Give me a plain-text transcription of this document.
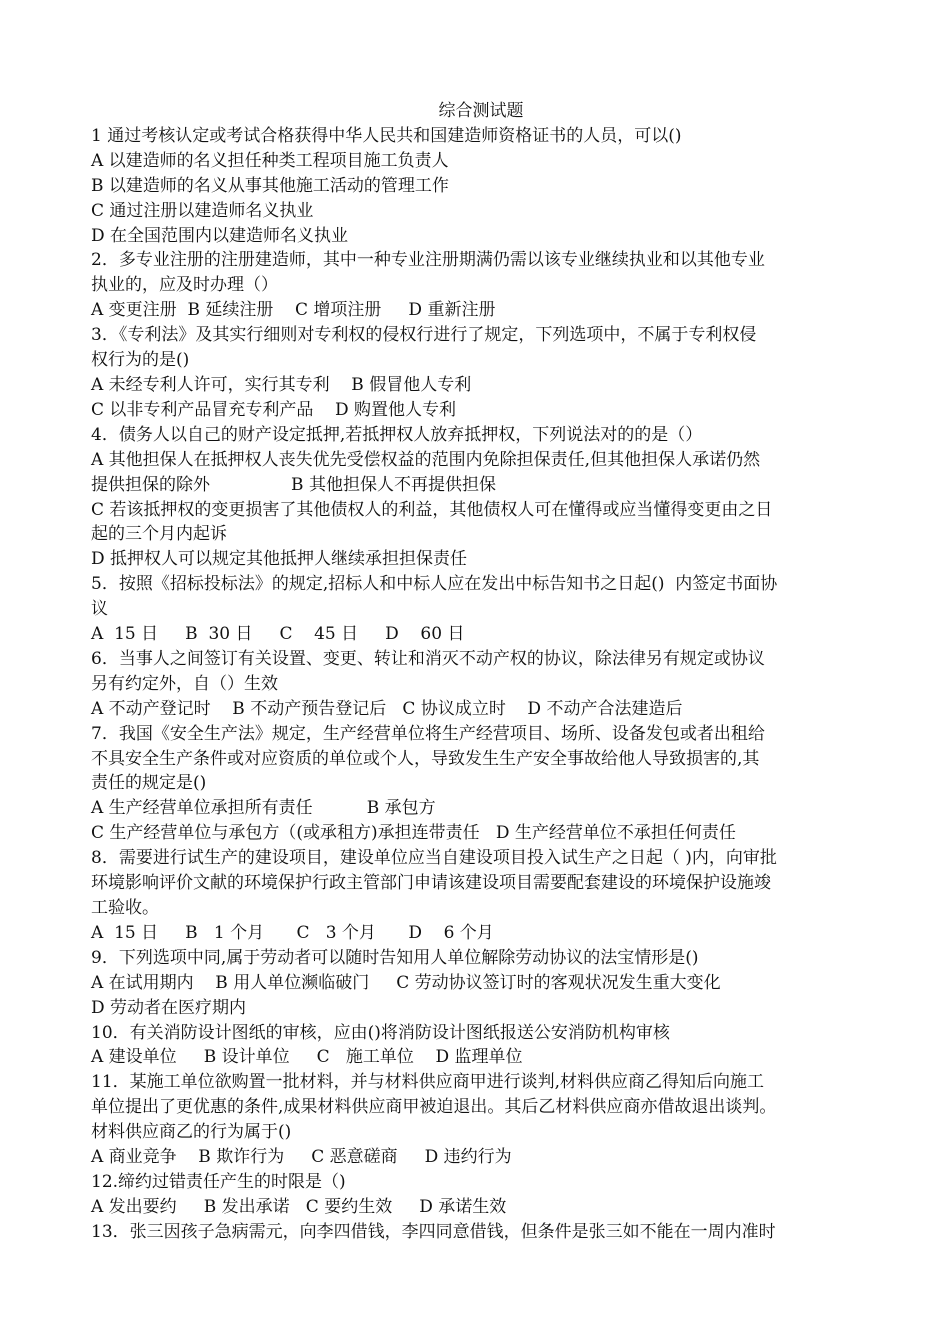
综合测试题
1 通过考核认定或考试合格获得中华人民共和国建造师资格证书的人员，可以()
A 以建造师的名义担任种类工程项目施工负责人
B 以建造师的名义从事其他施工活动的管理工作
C 通过注册以建造师名义执业
D 在全国范围内以建造师名义执业
2．多专业注册的注册建造师，其中一种专业注册期满仍需以该专业继续执业和以其他专业
执业的，应及时办理（）
A 变更注册  B 延续注册    C 增项注册     D 重新注册
3．《专利法》及其实行细则对专利权的侵权行进行了规定，下列选项中，不属于专利权侵
权行为的是()
A 未经专利人许可，实行其专利    B 假冒他人专利
C 以非专利产品冒充专利产品    D 购置他人专利
4．债务人以自己的财产设定抵押,若抵押权人放弃抵押权，下列说法对的的是（）
A 其他担保人在抵押权人丧失优先受偿权益的范围内免除担保责任,但其他担保人承诺仍然
提供担保的除外               B 其他担保人不再提供担保
C 若该抵押权的变更损害了其他债权人的利益，其他债权人可在懂得或应当懂得变更由之日
起的三个月内起诉
D 抵押权人可以规定其他抵押人继续承担担保责任
5．按照《招标投标法》的规定,招标人和中标人应在发出中标告知书之日起()  内签定书面协
议
A  15 日     B  30 日     C    45 日     D    60 日
6．当事人之间签订有关设置、变更、转让和消灭不动产权的协议，除法律另有规定或协议
另有约定外，自（）生效
A 不动产登记时    B 不动产预告登记后   C 协议成立时    D 不动产合法建造后
7．我国《安全生产法》规定，生产经营单位将生产经营项目、场所、设备发包或者出租给
不具安全生产条件或对应资质的单位或个人，导致发生生产安全事故给他人导致损害的,其
责任的规定是()
A 生产经营单位承担所有责任          B 承包方
C 生产经营单位与承包方（(或承租方)承担连带责任   D 生产经营单位不承担任何责任
8．需要进行试生产的建设项目，建设单位应当自建设项目投入试生产之日起（ )内，向审批
环境影响评价文献的环境保护行政主管部门申请该建设项目需要配套建设的环境保护设施竣
工验收。
A  15 日     B   1 个月      C   3 个月      D    6 个月
9．下列选项中同,属于劳动者可以随时告知用人单位解除劳动协议的法宝情形是()
A 在试用期内    B 用人单位濒临破门     C 劳动协议签订时的客观状况发生重大变化
D 劳动者在医疗期内
10．有关消防设计图纸的审核，应由()将消防设计图纸报送公安消防机构审核
A 建设单位     B 设计单位     C   施工单位    D 监理单位
11．某施工单位欲购置一批材料，并与材料供应商甲进行谈判,材料供应商乙得知后向施工
单位提出了更优惠的条件,成果材料供应商甲被迫退出。其后乙材料供应商亦借故退出谈判。
材料供应商乙的行为属于()
A 商业竞争    B 欺诈行为     C 恶意磋商     D 违约行为
12.缔约过错责任产生的时限是（)
A 发出要约     B 发出承诺   C 要约生效     D 承诺生效
13．张三因孩子急病需元，向李四借钱，李四同意借钱，但条件是张三如不能在一周内准时
